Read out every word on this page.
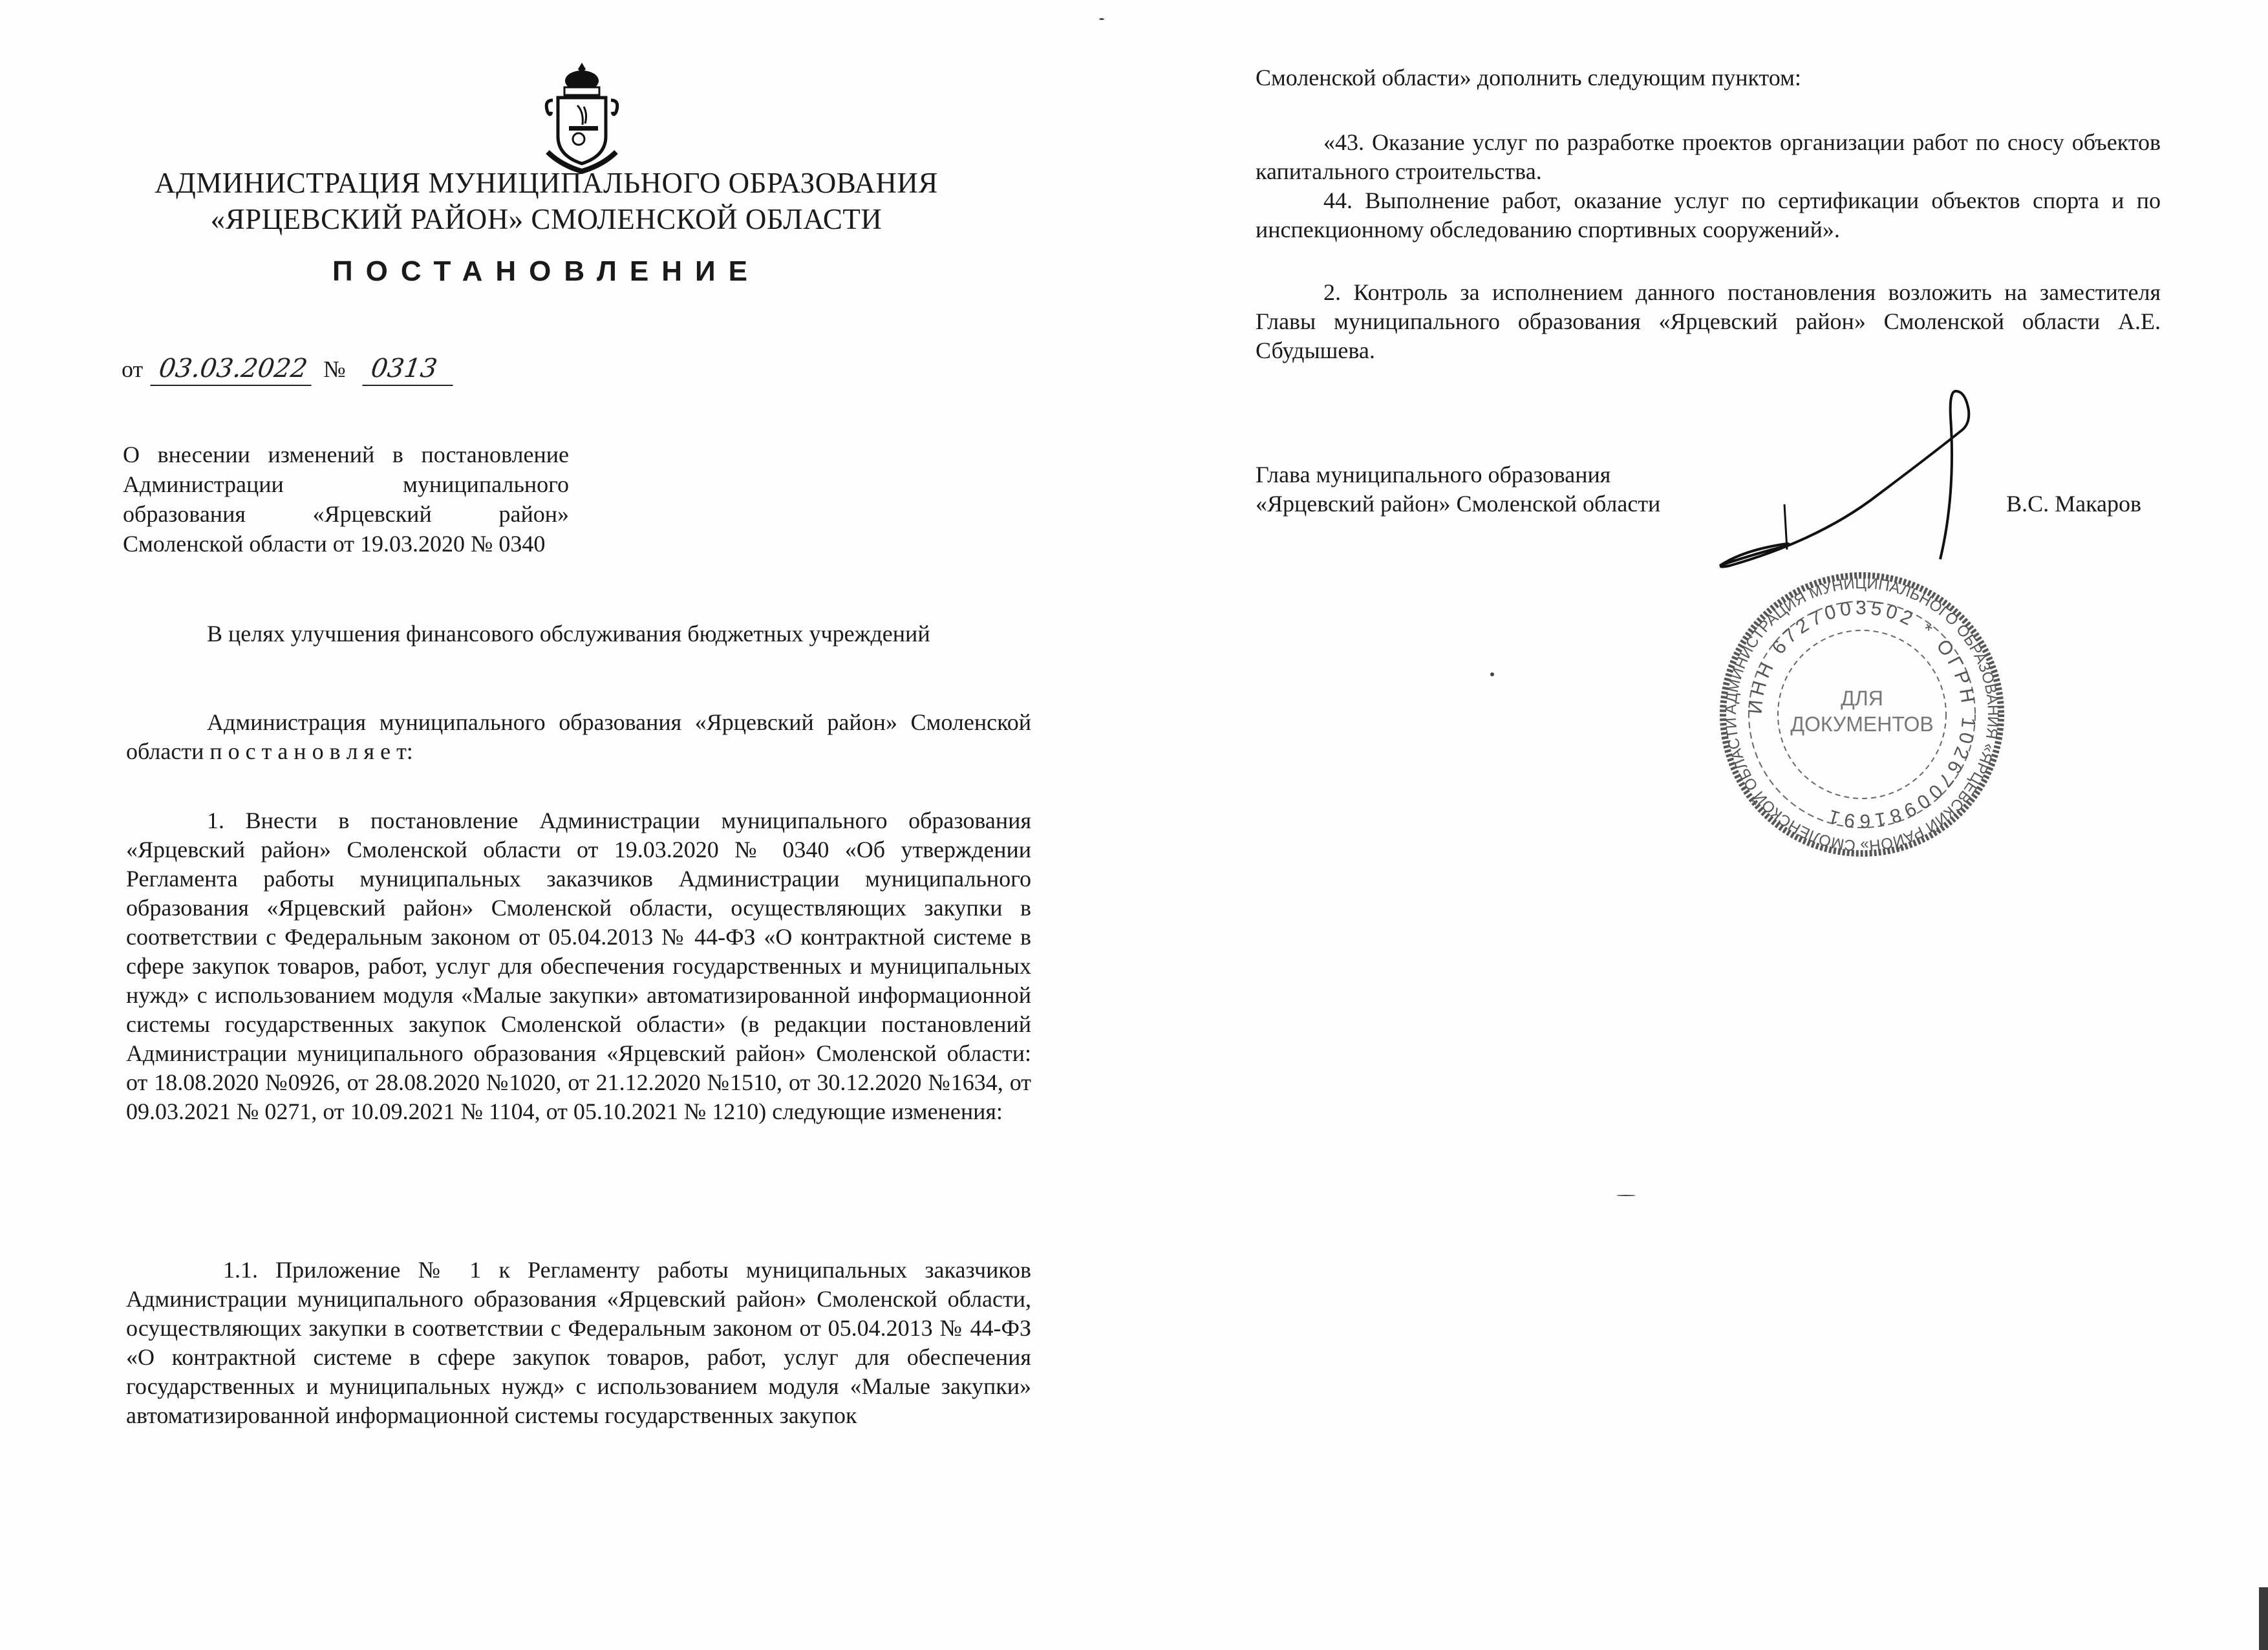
АДМИНИСТРАЦИЯ МУНИЦИПАЛЬНОГО ОБРАЗОВАНИЯ
«ЯРЦЕВСКИЙ РАЙОН» СМОЛЕНСКОЙ ОБЛАСТИ
ПОСТАНОВЛЕНИЕ
от 03.03.2022 № 0313
О внесении изменений в постановление Администрации муниципального образования «Ярцевский район» Смоленской области от 19.03.2020 № 0340
В целях улучшения финансового обслуживания бюджетных учреждений
Администрация муниципального образования «Ярцевский район» Смоленской области п о с т а н о в л я е т:
1. Внести в постановление Администрации муниципального образования «Ярцевский район» Смоленской области от 19.03.2020 № 0340 «Об утверждении Регламента работы муниципальных заказчиков Администрации муниципального образования «Ярцевский район» Смоленской области, осуществляющих закупки в соответствии с Федеральным законом от 05.04.2013 № 44-ФЗ «О контрактной системе в сфере закупок товаров, работ, услуг для обеспечения государственных и муниципальных нужд» с использованием модуля «Малые закупки» автоматизированной информационной системы государственных закупок Смоленской области» (в редакции постановлений Администрации муниципального образования «Ярцевский район» Смоленской области: от 18.08.2020 №0926, от 28.08.2020 №1020, от 21.12.2020 №1510, от 30.12.2020 №1634, от 09.03.2021 № 0271, от 10.09.2021 № 1104, от 05.10.2021 № 1210) следующие изменения:
1.1. Приложение № 1 к Регламенту работы муниципальных заказчиков Администрации муниципального образования «Ярцевский район» Смоленской области, осуществляющих закупки в соответствии с Федеральным законом от 05.04.2013 № 44-ФЗ «О контрактной системе в сфере закупок товаров, работ, услуг для обеспечения государственных и муниципальных нужд» с использованием модуля «Малые закупки» автоматизированной информационной системы государственных закупок
Смоленской области» дополнить следующим пунктом:
«43. Оказание услуг по разработке проектов организации работ по сносу объектов капитального строительства.
44. Выполнение работ, оказание услуг по сертификации объектов спорта и по инспекционному обследованию спортивных сооружений».
2. Контроль за исполнением данного постановления возложить на заместителя Главы муниципального образования «Ярцевский район» Смоленской области А.Е. Сбудышева.
Глава муниципального образования
«Ярцевский район» Смоленской области	В.С. Макаров
АДМИНИСТРАЦИЯ МУНИЦИПАЛЬНОГО ОБРАЗОВАНИЯ «ЯРЦЕВСКИЙ РАЙОН» СМОЛЕНСКОЙ ОБЛАСТИ
ИНН 6727003502 * ОГРН 1026700981691
ДЛЯ
ДОКУМЕНТОВ
